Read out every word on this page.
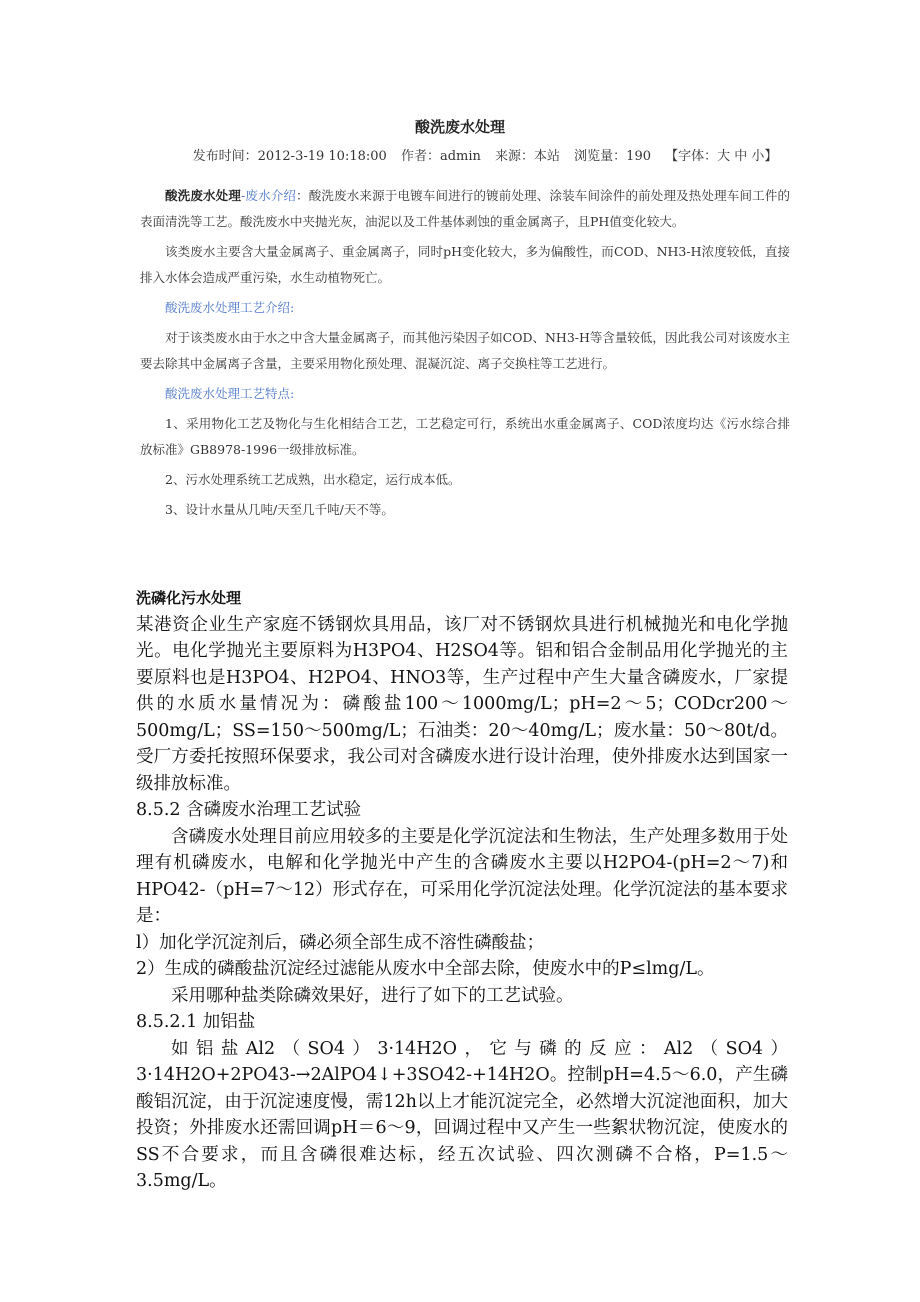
酸洗废水处理
发布时间：2012-3-19 10:18:00 作者：admin 来源：本站 浏览量：190 【字体：大 中 小】

酸洗废水处理-废水介绍：酸洗废水来源于电镀车间进行的镀前处理、涂装车间涂件的前处理及热处理车间工件的表面清洗等工艺。酸洗废水中夹抛光灰，油泥以及工件基体剥蚀的重金属离子，且PH值变化较大。

该类废水主要含大量金属离子、重金属离子，同时pH变化较大，多为偏酸性，而COD、NH3-H浓度较低，直接排入水体会造成严重污染，水生动植物死亡。

酸洗废水处理工艺介绍:

对于该类废水由于水之中含大量金属离子，而其他污染因子如COD、NH3-H等含量较低，因此我公司对该废水主要去除其中金属离子含量，主要采用物化预处理、混凝沉淀、离子交换柱等工艺进行。

酸洗废水处理工艺特点:

1、采用物化工艺及物化与生化相结合工艺，工艺稳定可行，系统出水重金属离子、COD浓度均达《污水综合排放标准》GB8978-1996一级排放标准。

2、污水处理系统工艺成熟，出水稳定，运行成本低。

3、设计水量从几吨/天至几千吨/天不等。

洗磷化污水处理

某港资企业生产家庭不锈钢炊具用品，该厂对不锈钢炊具进行机械抛光和电化学抛光。电化学抛光主要原料为H3PO4、H2SO4等。铝和铝合金制品用化学抛光的主要原料也是H3PO4、H2PO4、HNO3等，生产过程中产生大量含磷废水，厂家提供的水质水量情况为：磷酸盐100～1000mg/L；pH=2～5；CODcr200～500mg/L；SS=150～500mg/L；石油类：20～40mg/L；废水量：50～80t/d。受厂方委托按照环保要求，我公司对含磷废水进行设计治理，使外排废水达到国家一级排放标准。

8.5.2 含磷废水治理工艺试验

含磷废水处理目前应用较多的主要是化学沉淀法和生物法，生产处理多数用于处理有机磷废水，电解和化学抛光中产生的含磷废水主要以H2PO4-(pH=2～7)和HPO42-（pH=7～12）形式存在，可采用化学沉淀法处理。化学沉淀法的基本要求是：

l）加化学沉淀剂后，磷必须全部生成不溶性磷酸盐；

2）生成的磷酸盐沉淀经过滤能从废水中全部去除，使废水中的P≤lmg/L。

采用哪种盐类除磷效果好，进行了如下的工艺试验。

8.5.2.1 加铝盐

如铝盐Al2（SO4）3·14H2O，它与磷的反应：Al2（SO4）3·14H2O+2PO43-→2AlPO4↓+3SO42-+14H2O。控制pH=4.5～6.0，产生磷酸铝沉淀，由于沉淀速度慢，需12h以上才能沉淀完全，必然增大沉淀池面积，加大投资；外排废水还需回调pH＝6～9，回调过程中又产生一些絮状物沉淀，使废水的SS不合要求，而且含磷很难达标，经五次试验、四次测磷不合格，P=1.5～3.5mg/L。
